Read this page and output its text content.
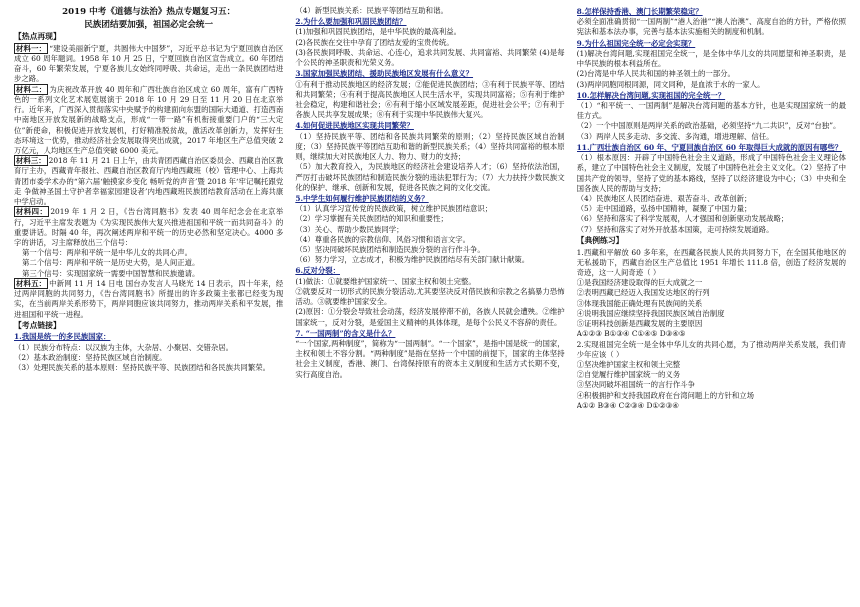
2019 中考《道德与法治》热点专题复习五：
民族团结要加强，祖国必定会统一
【热点再现】
材料一： “建设美丽新宁夏，共圆伟大中国梦”，习近平总书记为宁夏回族自治区成立 60 周年题词。1958 年 10 月 25 日，宁夏回族自治区宣告成立。60 年团结奋斗，60 年繁荣发展，宁夏各族儿女始终同呼吸、共命运，走出一条民族团结进步之路。
材料二： 为庆祝改革开放 40 周年和广西壮族自治区成立 60 周年，富有广西特色的一系列文化艺术展览展演于 2018 年 10 月 29 日至 11 月 20 日在北京举行。近年来，广西深入贯彻落实中央赋予的构建面向东盟的国际大通道、打造西南中南地区开放发展新的战略支点，形成“一带一路”有机衔接重要门户的“三大定位”新使命，积极促进开放发展机，打好精准脱贫战，激活改革创新力，发挥好生态环境这一优势，推动经济社会发展取得突出成就，2017 年地区生产总值突破 2 万亿元，人均地区生产总值突破 6000 美元。
材料三： 2018 年 11 月 21 日上午，由共青团西藏自治区委员会、西藏自治区教育厅主办，西藏青年报社、西藏自治区教育厅内地西藏班（校）管理中心、上海共青团市委学术办的“第六届‘触摸家乡变化 畅听党的声音’暨 2018 年‘牢记嘱托跟党走 争做神圣国土守护者幸福家园建设者’内地西藏班民族团结教育活动在上海共康中学启动。
材料四： 2019 年 1 月 2 日，《告台湾同胞书》发表 40 周年纪念会在北京举行，习近平主席发表题为《为实现民族伟大复兴推进祖国和平统一而共同奋斗》的重要讲话。时隔 40 年，再次阐述两岸和平统一的历史必然和坚定决心。4000 多字的讲话，习主席释放出三个信号：
第一个信号：两岸和平统一是中华儿女的共同心声。
第二个信号：两岸和平统一是历史大势，是人间正道。
第三个信号：实现国家统一需要中国智慧和民族邀请。
材料五： 中新网 11 月 14 日电 国台办发言人马晓光 14 日表示，四十年来，经过两岸同胞的共同努力，《告台湾同胞书》所提出的许多政策主张都已经变为现实，在当前两岸关系形势下，两岸同胞应该共同努力，推动两岸关系和平发展，推进祖国和平统一进程。
【考点链接】
1.我国是统一的多民族国家：
（1）民族分布特点：以汉族为主体，大杂居、小聚居、交错杂居。
（2）基本政治制度：坚持民族区域自治制度。
（3）处理民族关系的基本原则：坚持民族平等、民族团结和各民族共同繁荣。
（4）新型民族关系：民族平等团结互助和谐。
2.为什么要加强和巩固民族团结？
(1)加强和巩固民族团结，是中华民族的最高利益。
(2)各民族在交往中孕育了团结友爱的宝贵传统。
(3)各民族同呼吸、共命运、心连心，追求共同发展、共同富裕、共同繁荣 (4)是每个公民的神圣职责和光荣义务。
3.国家加强民族团结、援助民族地区发展有什么意义？
①有利于推动民族地区的经济发展；②能促进民族团结；③有利于民族平等、团结和共同繁荣；④有利于提高民族地区人民生活水平，实现共同富裕；⑤有利于维护社会稳定，构建和谐社会；⑥有利于缩小区域发展差距，促进社会公平；⑦有利于各族人民共享发展成果；⑧有利于实现中华民族伟大复兴。
4.如何促进民族地区实现共同繁荣？
（1）坚持民族平等、团结和各民族共同繁荣的原则；（2）坚持民族区域自治制度；（3）坚持民族平等团结互助和谐的新型民族关系；（4）坚持共同富裕的根本原则，继续加大对民族地区人力、物力、财力的支持；
（5）加大教育投入，为民族地区的经济社会建设培养人才；（6）坚持依法治国，严厉打击破坏民族团结和制造民族分裂的违法犯罪行为；（7）大力扶持少数民族文化的保护、继承、创新和发展，促进各民族之间的文化交流。
5.中学生如何履行维护民族团结的义务？
（1）认真学习宣传党的民族政策，树立维护民族团结意识；
（2）学习掌握有关民族团结的知识和重要性；
（3）关心、帮助少数民族同学；
（4）尊重各民族的宗教信仰、风俗习惯和语言文字。
（5）坚决同破坏民族团结和制造民族分裂的言行作斗争。
（6）努力学习，立志成才，积极为维护民族团结尽有关部门献计献策。
6.反对分裂：
(1)做法：①就要维护国家统一、国家主权和领土完整。
②就要反对一切形式的民族分裂活动,尤其要坚决反对借民族和宗教之名搞暴力恐怖活动。③就要维护国家安全。
(2)原因：①分裂会导致社会动荡，经济发展停滞不前，各族人民就会遭殃。②维护国家统一，反对分裂，是爱国主义精神的具体体现，是每个公民义不容辞的责任。
7. “一国两制”的含义是什么？
“一个国家,两种制度”，简称为“一国两制”。“一个国家”，是指中国是统一的国家，主权和领土不容分割。“两种制度”是指在坚持一个中国的前提下，国家的主体坚持社会主义制度，香港、澳门、台湾保持原有的资本主义制度和生活方式长期不变，实行高度自治。
8.怎样保持香港、澳门长期繁荣稳定？
必须全面准确贯彻“一国两制”“港人治港”“澳人治澳”、高度自治的方针，严格依照宪法和基本法办事，完善与基本法实施相关的制度和机制。
9.为什么祖国完全统一必定会实现？
(1)解决台湾问题,实现祖国完全统一，是全体中华儿女的共同愿望和神圣职责，是中华民族的根本利益所在。
(2)台湾是中华人民共和国的神圣领土的一部分。
(3)两岸同胞同根同源，同文同种，是血浓于水的一家人。
10.怎样解决台湾问题,实现祖国的完全统一？
（1）“和平统一、一国两制”是解决台湾问题的基本方针，也是实现国家统一的最佳方式。
（2）一个中国原则是两岸关系的政治基础，必须坚持“九二共识”，反对“台独”。
（3）两岸人民多走动、多交流、多沟通，增进理解、信任。
11.广西壮族自治区 60 年、宁夏回族自治区 60 年取得巨大成就的原因有哪些？
（1）根本原因：开辟了中国特色社会主义道路，形成了中国特色社会主义理论体系，建立了中国特色社会主义制度，发展了中国特色社会主义文化。（2）坚持了中国共产党的领导，坚持了党的基本路线，坚持了以经济建设为中心；（3）中央和全国各族人民的帮助与支持；
（4）民族地区人民团结奋进、艰苦奋斗、改革创新；
（5）走中国道路，弘扬中国精神，凝聚了中国力量；
（6）坚持和落实了科学发展观，人才强国和创新驱动发展战略；
（7）坚持和落实了对外开放基本国策，走可持续发展道路。
【典例练习】
1.西藏和平解放 60 多年来，在西藏各民族人民的共同努力下，在全国其他地区的无私援助下，西藏自治区生产总值比 1951 年增长 111.8 倍，创造了经济发展的奇迹，这一人间奇迹（ ）
①是我国经济建设取得的巨大成就之一
②表明西藏已经迈入我国发达地区的行列
③体现我国能正确处理有民族间的关系
④说明我国应继续坚持我国民族区域自治制度
⑤证明科技创新是西藏发展的主要原因
A①②③ B①③④ C①④⑤ D③④⑤
2.实现祖国完全统一是全体中华儿女的共同心愿，为了推动两岸关系发展，我们青少年应该（ ）
①坚决维护国家主权和领土完整
②自觉履行维护国家统一的义务
③坚决同破坏祖国统一的言行作斗争
④积极拥护和支持我国政府在台湾问题上的方针和立场
A①② B③④ C②③④ D①②③④
